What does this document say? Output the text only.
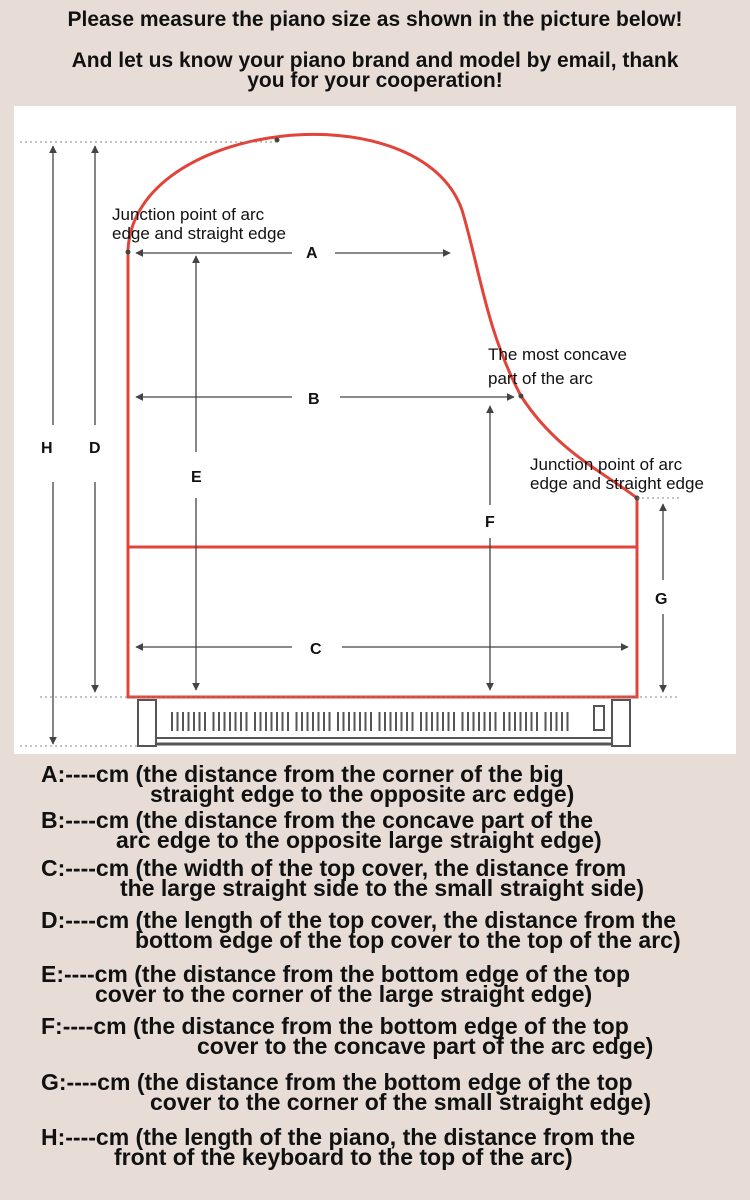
Please measure the piano size as shown in the picture below!
And let us know your piano brand and model by email, thank
you for your cooperation!
A
B
C
D
E
F
G
H
Junction point of arc
edge and straight edge
The most concave
part of the arc
Junction point of arc
edge and straight edge
A:----cm (the distance from the corner of the big
straight edge to the opposite arc edge)
B:----cm (the distance from the concave part of the
arc edge to the opposite large straight edge)
C:----cm (the width of the top cover, the distance from
the large straight side to the small straight side)
D:----cm (the length of the top cover, the distance from the
bottom edge of the top cover to the top of the arc)
E:----cm (the distance from the bottom edge of the top
cover to the corner of the large straight edge)
F:----cm (the distance from the bottom edge of the top
cover to the concave part of the arc edge)
G:----cm (the distance from the bottom edge of the top
cover to the corner of the small straight edge)
H:----cm (the length of the piano, the distance from the
front of the keyboard to the top of the arc)
